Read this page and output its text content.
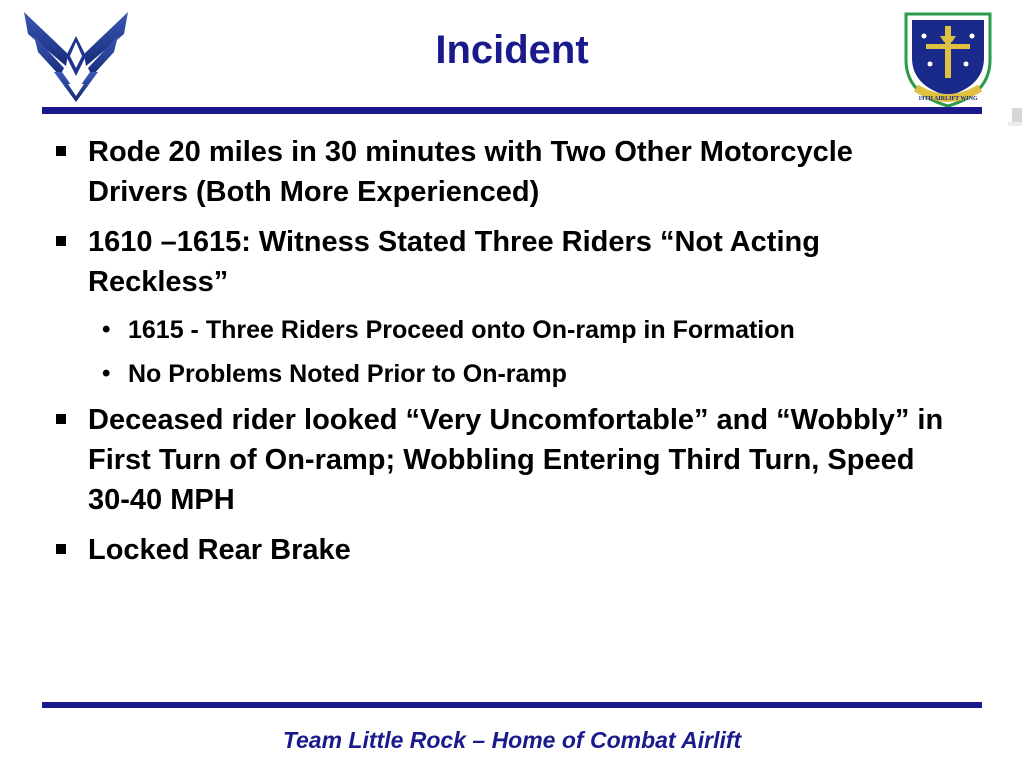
19TH AIRLIFT WING
Incident
Rode 20 miles in 30 minutes with Two Other Motorcycle Drivers (Both More Experienced)
1610 –1615: Witness Stated Three Riders “Not Acting Reckless”
• 1615 - Three Riders Proceed onto On-ramp in Formation
• No Problems Noted Prior to On-ramp
Deceased rider looked “Very Uncomfortable” and “Wobbly” in First Turn of On-ramp; Wobbling Entering Third Turn, Speed 30-40 MPH
Locked Rear Brake
Team Little Rock – Home of Combat Airlift
